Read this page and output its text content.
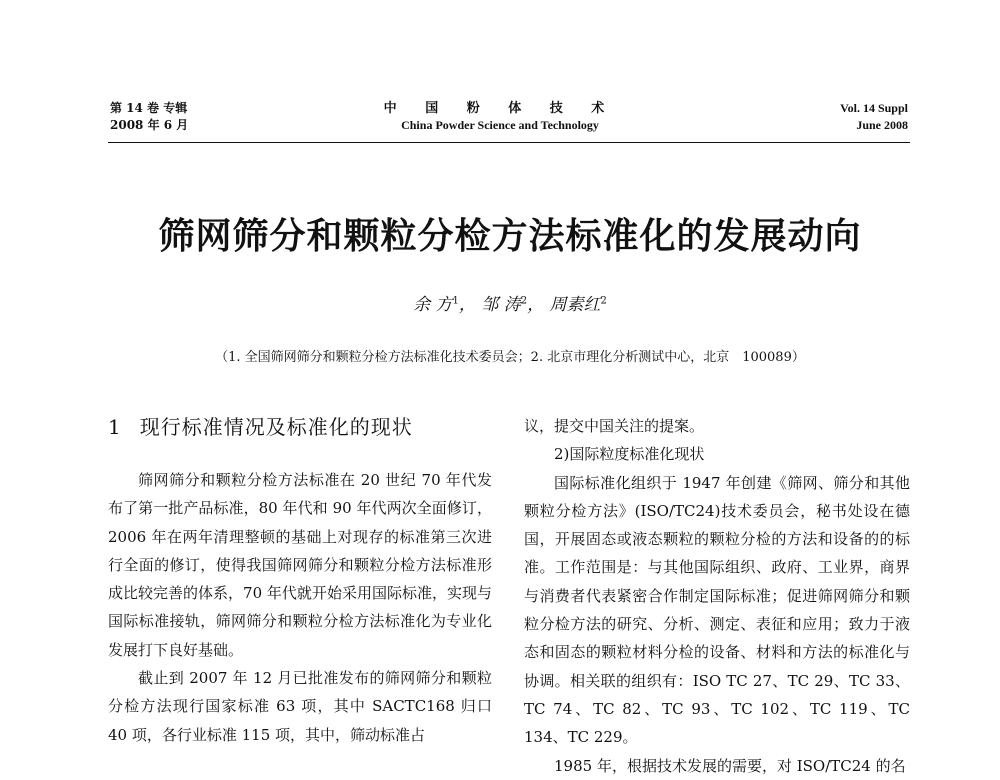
第 14 卷 专辑
2008 年 6 月
中 国 粉 体 技 术
China Powder Science and Technology
Vol. 14 Suppl
June 2008
筛网筛分和颗粒分检方法标准化的发展动向
余 方$^1$， 邹 涛$^2$， 周素红$^2$
（1. 全国筛网筛分和颗粒分检方法标准化技术委员会；2. 北京市理化分析测试中心，北京　100089）
1 现行标准情况及标准化的现状

筛网筛分和颗粒分检方法标准在 20 世纪 70 年代发布了第一批产品标准，80 年代和 90 年代两次全面修订，2006 年在两年清理整顿的基础上对现存的标准第三次进行全面的修订，使得我国筛网筛分和颗粒分检方法标准形成比较完善的体系，70 年代就开始采用国际标准，实现与国际标准接轨，筛网筛分和颗粒分检方法标准化为专业化发展打下良好基础。

截止到 2007 年 12 月已批准发布的筛网筛分和颗粒分检方法现行国家标准 63 项，其中 SACTC168 归口 40 项，各行业标准 115 项，其中，筛动标准占

议，提交中国关注的提案。

2)国际粒度标准化现状

国际标准化组织于 1947 年创建《筛网、筛分和其他颗粒分检方法》(ISO/TC24)技术委员会，秘书处设在德国，开展固态或液态颗粒的颗粒分检的方法和设备的的标准。工作范围是：与其他国际组织、政府、工业界，商界与消费者代表紧密合作制定国际标准；促进筛网筛分和颗粒分检方法的研究、分析、测定、表征和应用；致力于液态和固态的颗粒材料分检的设备、材料和方法的标准化与协调。相关联的组织有：ISO TC 27、TC 29、TC 33、TC 74、TC 82、TC 93、TC 102、TC 119、TC 134、TC 229。

1985 年，根据技术发展的需要，对 ISO/TC24 的名
